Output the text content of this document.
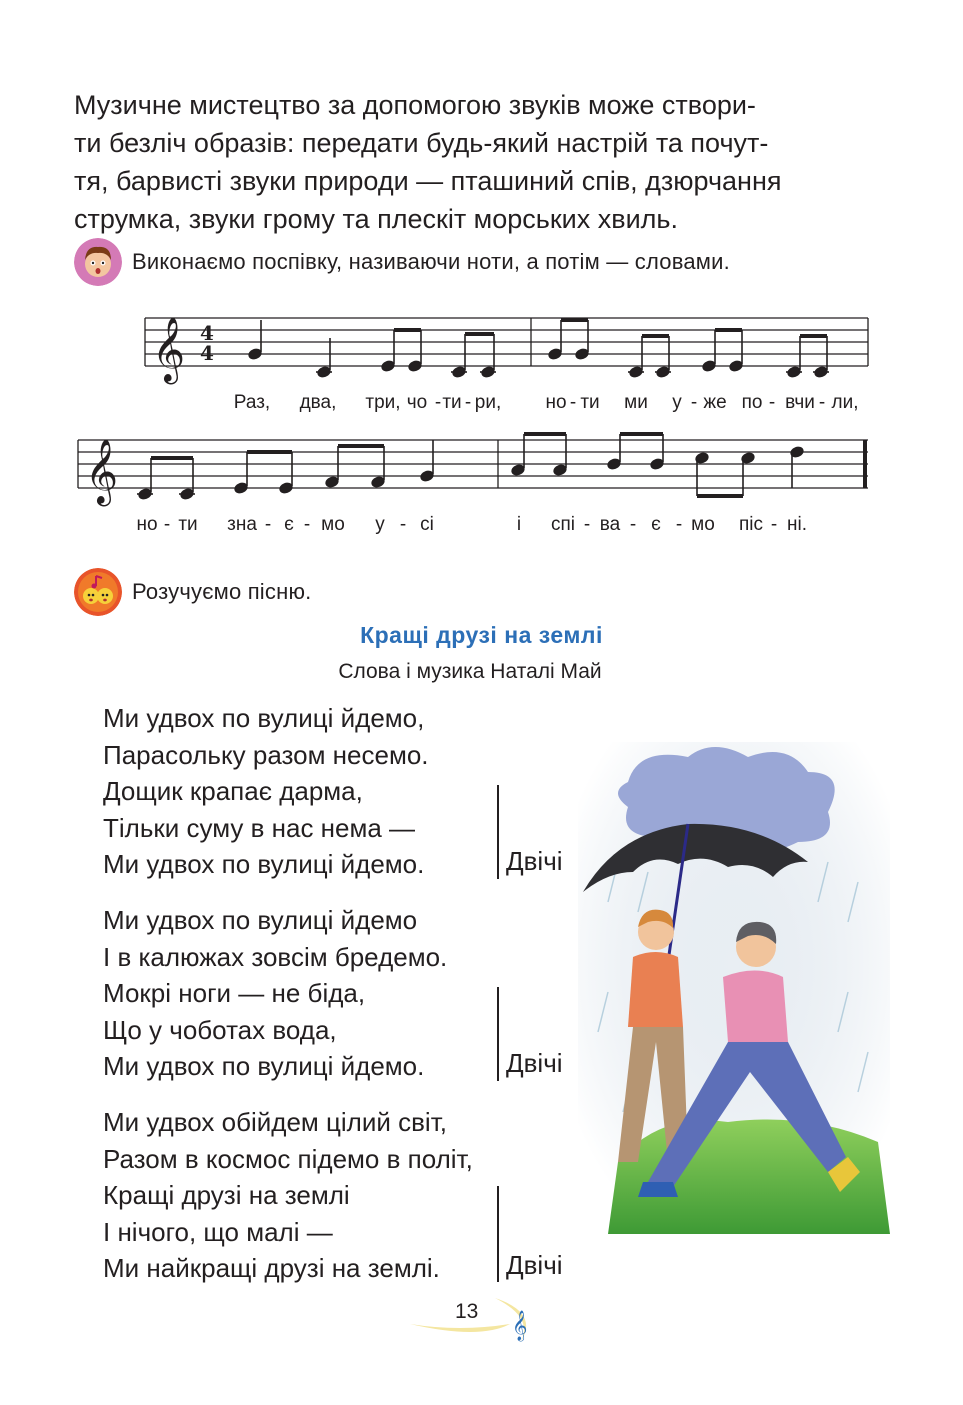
Музичне мистецтво за допомогою звуків може створи-
ти безліч образів: передати будь-який настрій та почут-
тя, барвисті звуки природи — пташиний спів, дзюрчання
струмка, звуки грому та плескіт морських хвиль.

Виконаємо поспівку, називаючи ноти, а потім — словами.
𝄞 4
4
Раз, два, три, чо - ти - ри, но - ти ми у - же по - вчи - ли,
𝄞
но - ти зна - є - мо у - сі	і спі - ва - є - мо піс - ні.
Розучуємо пісню.
Кращі друзі на землі
Слова і музика Наталі Май
Ми удвох по вулиці йдемо,
Парасольку разом несемо.
Дощик крапає дарма,
Тільки суму в нас нема —
Ми удвох по вулиці йдемо.	Двічі
Ми удвох по вулиці йдемо
І в калюжах зовсім бредемо.
Мокрі ноги — не біда,
Що у чоботах вода,
Ми удвох по вулиці йдемо.	Двічі
Ми удвох обійдем цілий світ,
Разом в космос підемо в політ,
Кращі друзі на землі
І нічого, що малі —
Ми найкращі друзі на землі.	Двічі
𝄞
13
